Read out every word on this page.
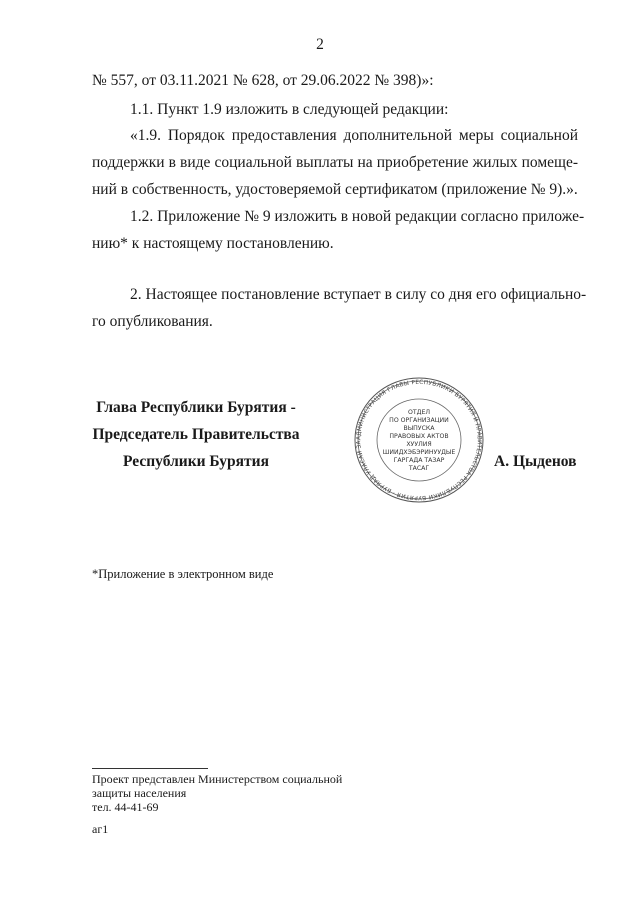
2
№ 557, от 03.11.2021 № 628, от 29.06.2022 № 398)»:
1.1. Пункт 1.9 изложить в следующей редакции:
«1.9. Порядок предоставления дополнительной меры социальной
поддержки в виде социальной выплаты на приобретение жилых помеще-
ний в собственность, удостоверяемой сертификатом (приложение № 9).».
1.2. Приложение № 9 изложить в новой редакции согласно приложе-
нию* к настоящему постановлению.
2. Настоящее постановление вступает в силу со дня его официально-
го опубликования.
Глава Республики Бурятия -
Председатель Правительства
Республики Бурятия	А. Цыденов
АДМИНИСТРАЦИЯ ГЛАВЫ РЕСПУБЛИКИ БУРЯТИЯ И ПРАВИТЕЛЬСТВА РЕСПУБЛИКИ БУРЯТИЯ · БУРЯАД УЛАСАЙ ЗА
ОТДЕЛ
ПО ОРГАНИЗАЦИИ
ВЫПУСКА
ПРАВОВЫХ АКТОВ
ХУУЛИЯ
ШИИДХЭБЭРИНУУДЫЕ
ГАРГАДА ТАЗАР
ТАСАГ
*Приложение в электронном виде
Проект представлен Министерством социальной
защиты населения
тел. 44-41-69
аг1
